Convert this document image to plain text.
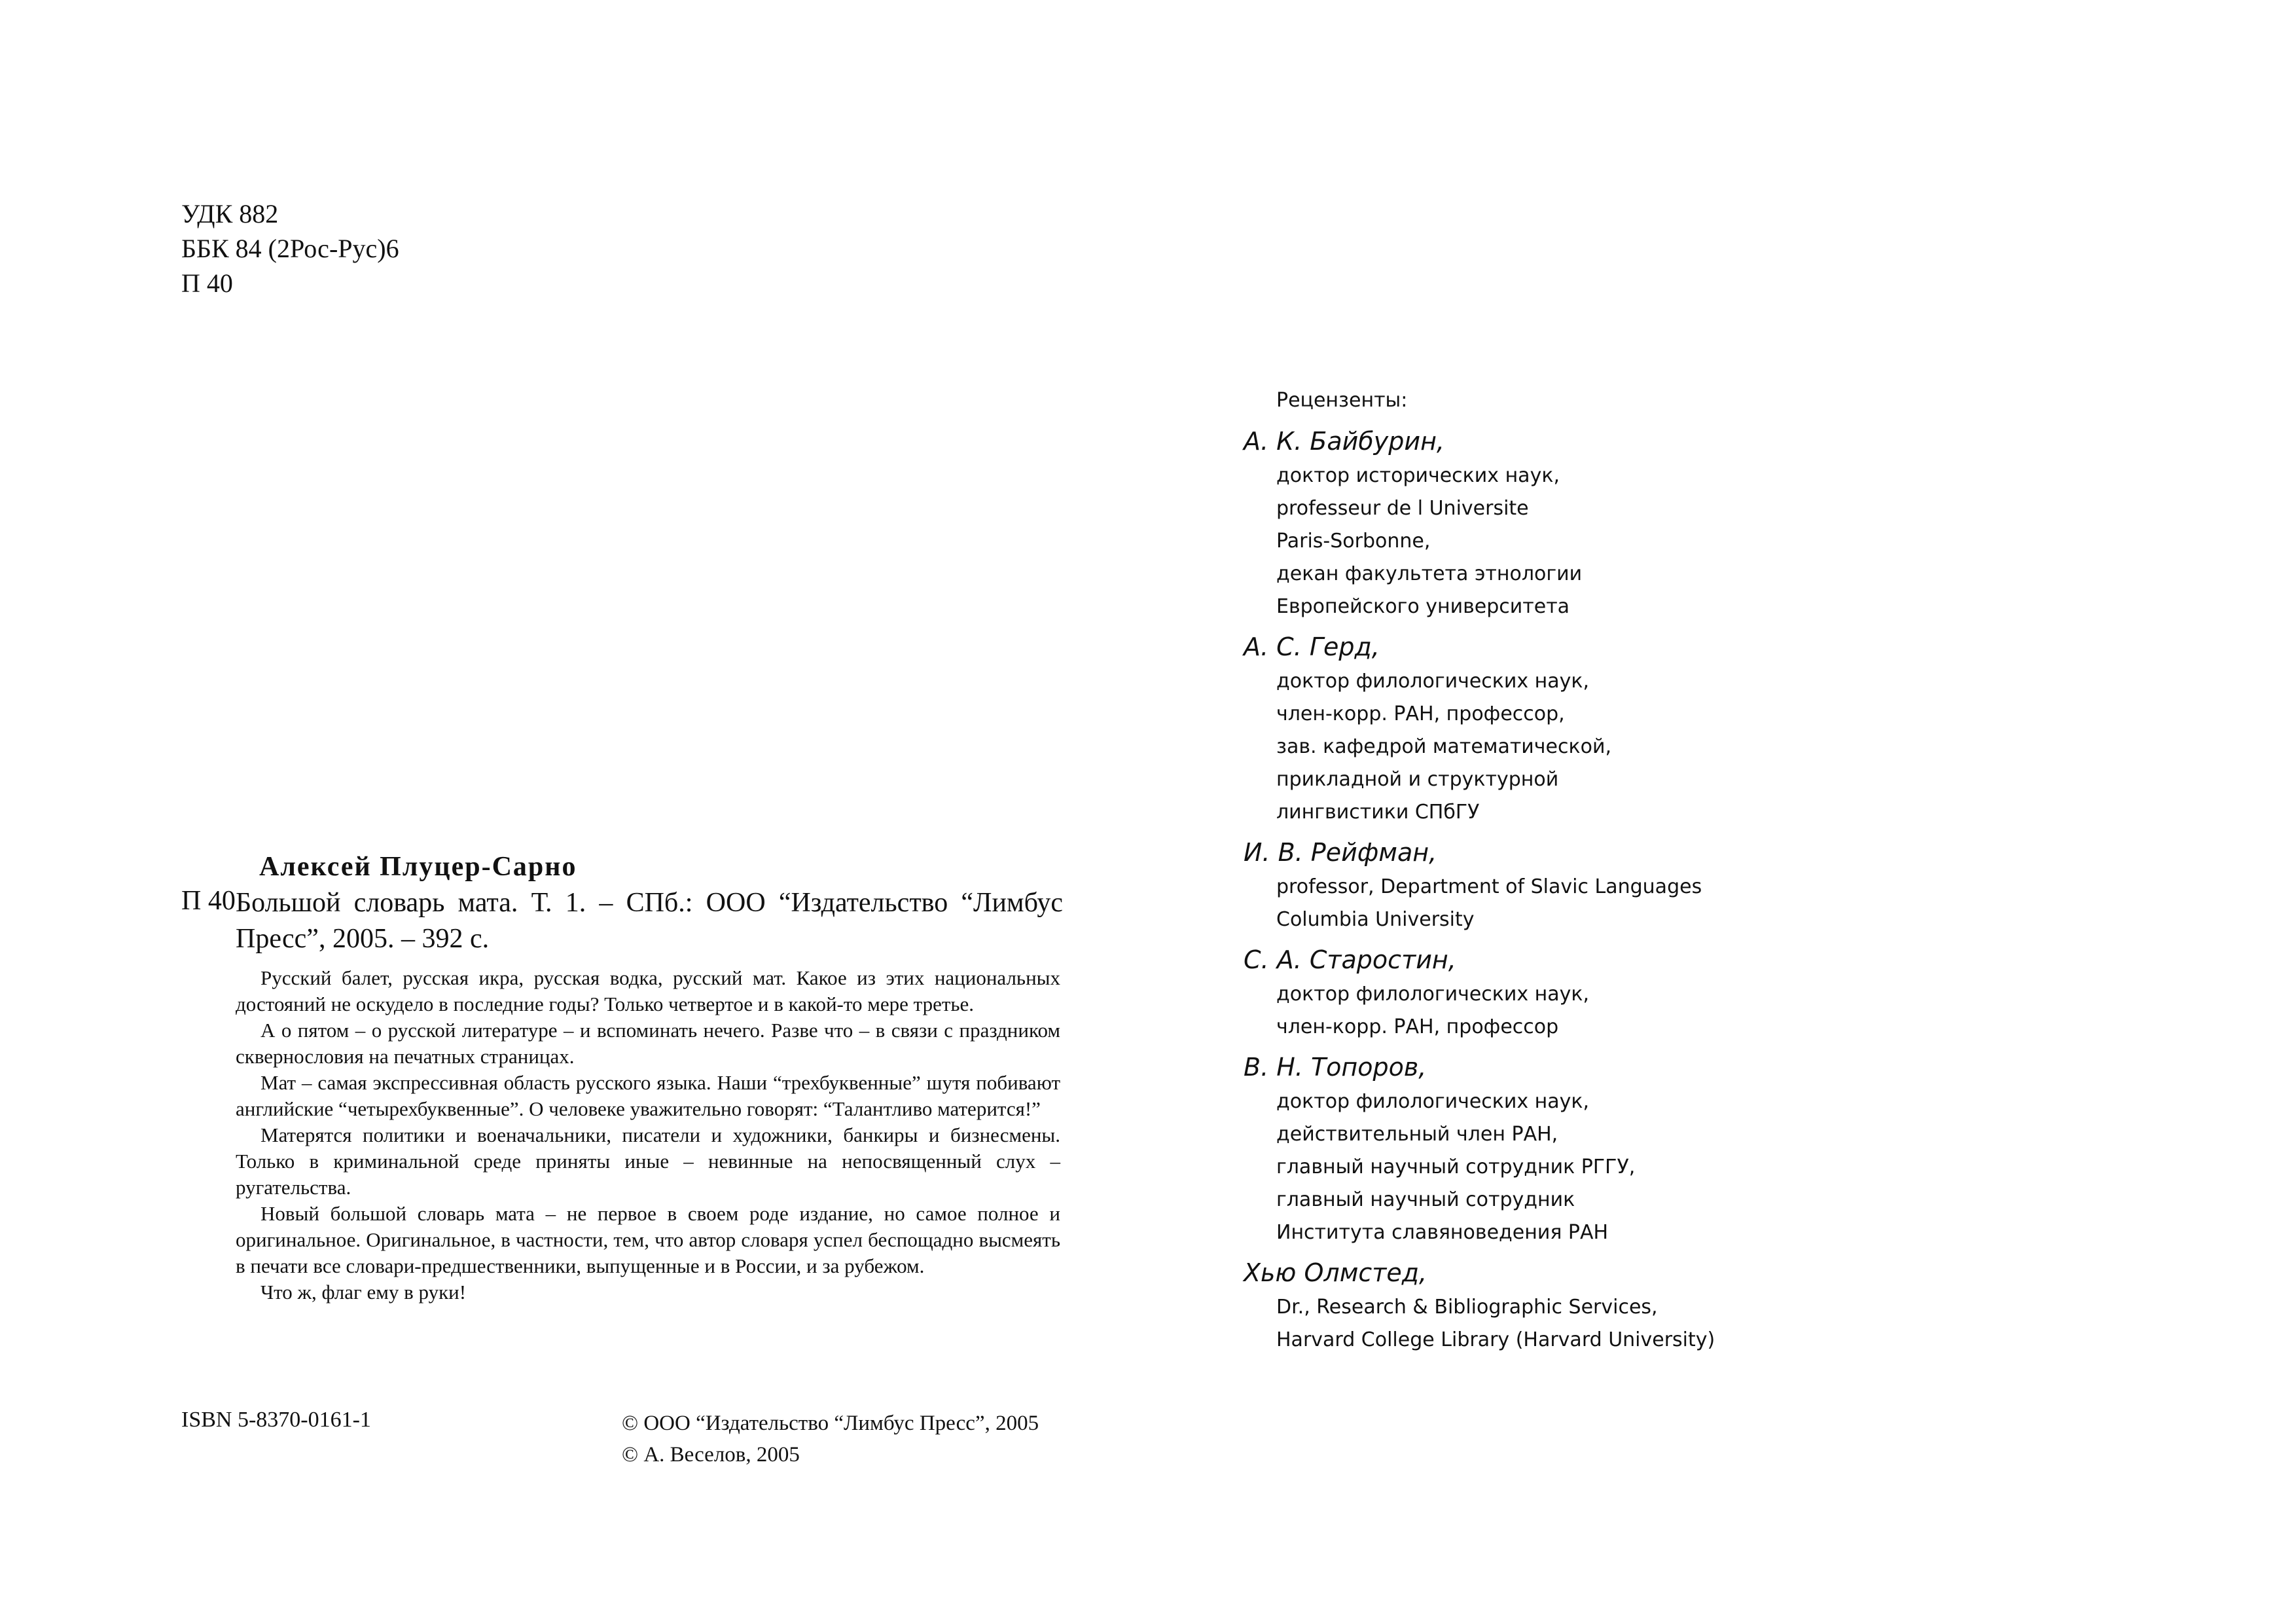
УДК 882
ББК 84 (2Рос-Рус)6
П 40
Алексей Плуцер-Сарно
П 40 Большой словарь мата. Т. 1. – СПб.: ООО “Издательство “Лимбус Пресс”, 2005. – 392 с.

Русский балет, русская икра, русская водка, русский мат. Какое из этих национальных достояний не оскудело в последние годы? Только четвертое и в какой-то мере третье.

А о пятом – о русской литературе – и вспоминать нечего. Разве что – в связи с праздником сквернословия на печатных страницах.

Мат – самая экспрессивная область русского языка. Наши “трехбуквенные” шутя побивают английские “четырехбуквенные”. О человеке уважительно говорят: “Талантливо матерится!”

Матерятся политики и военачальники, писатели и художники, банкиры и бизнесмены. Только в криминальной среде приняты иные – невинные на непосвященный слух – ругательства.

Новый большой словарь мата – не первое в своем роде издание, но самое полное и оригинальное. Оригинальное, в частности, тем, что автор словаря успел беспощадно высмеять в печати все словари-предшественники, выпущенные и в России, и за рубежом.

Что ж, флаг ему в руки!

ISBN 5-8370-0161-1	© ООО “Издательство “Лимбус Пресс”, 2005
© А. Веселов, 2005
Рецензенты:
А. К. Байбурин,
доктор исторических наук,
professeur de l Universite
Paris-Sorbonne,
декан факультета этнологии
Европейского университета
А. С. Герд,
доктор филологических наук,
член-корр. РАН, профессор,
зав. кафедрой математической,
прикладной и структурной
лингвистики СПбГУ
И. В. Рейфман,
professor, Department of Slavic Languages
Columbia University
С. А. Старостин,
доктор филологических наук,
член-корр. РАН, профессор
В. Н. Топоров,
доктор филологических наук,
действительный член РАН,
главный научный сотрудник РГГУ,
главный научный сотрудник
Института славяноведения РАН
Хью Олмстед,
Dr., Research & Bibliographic Services,
Harvard College Library (Harvard University)
